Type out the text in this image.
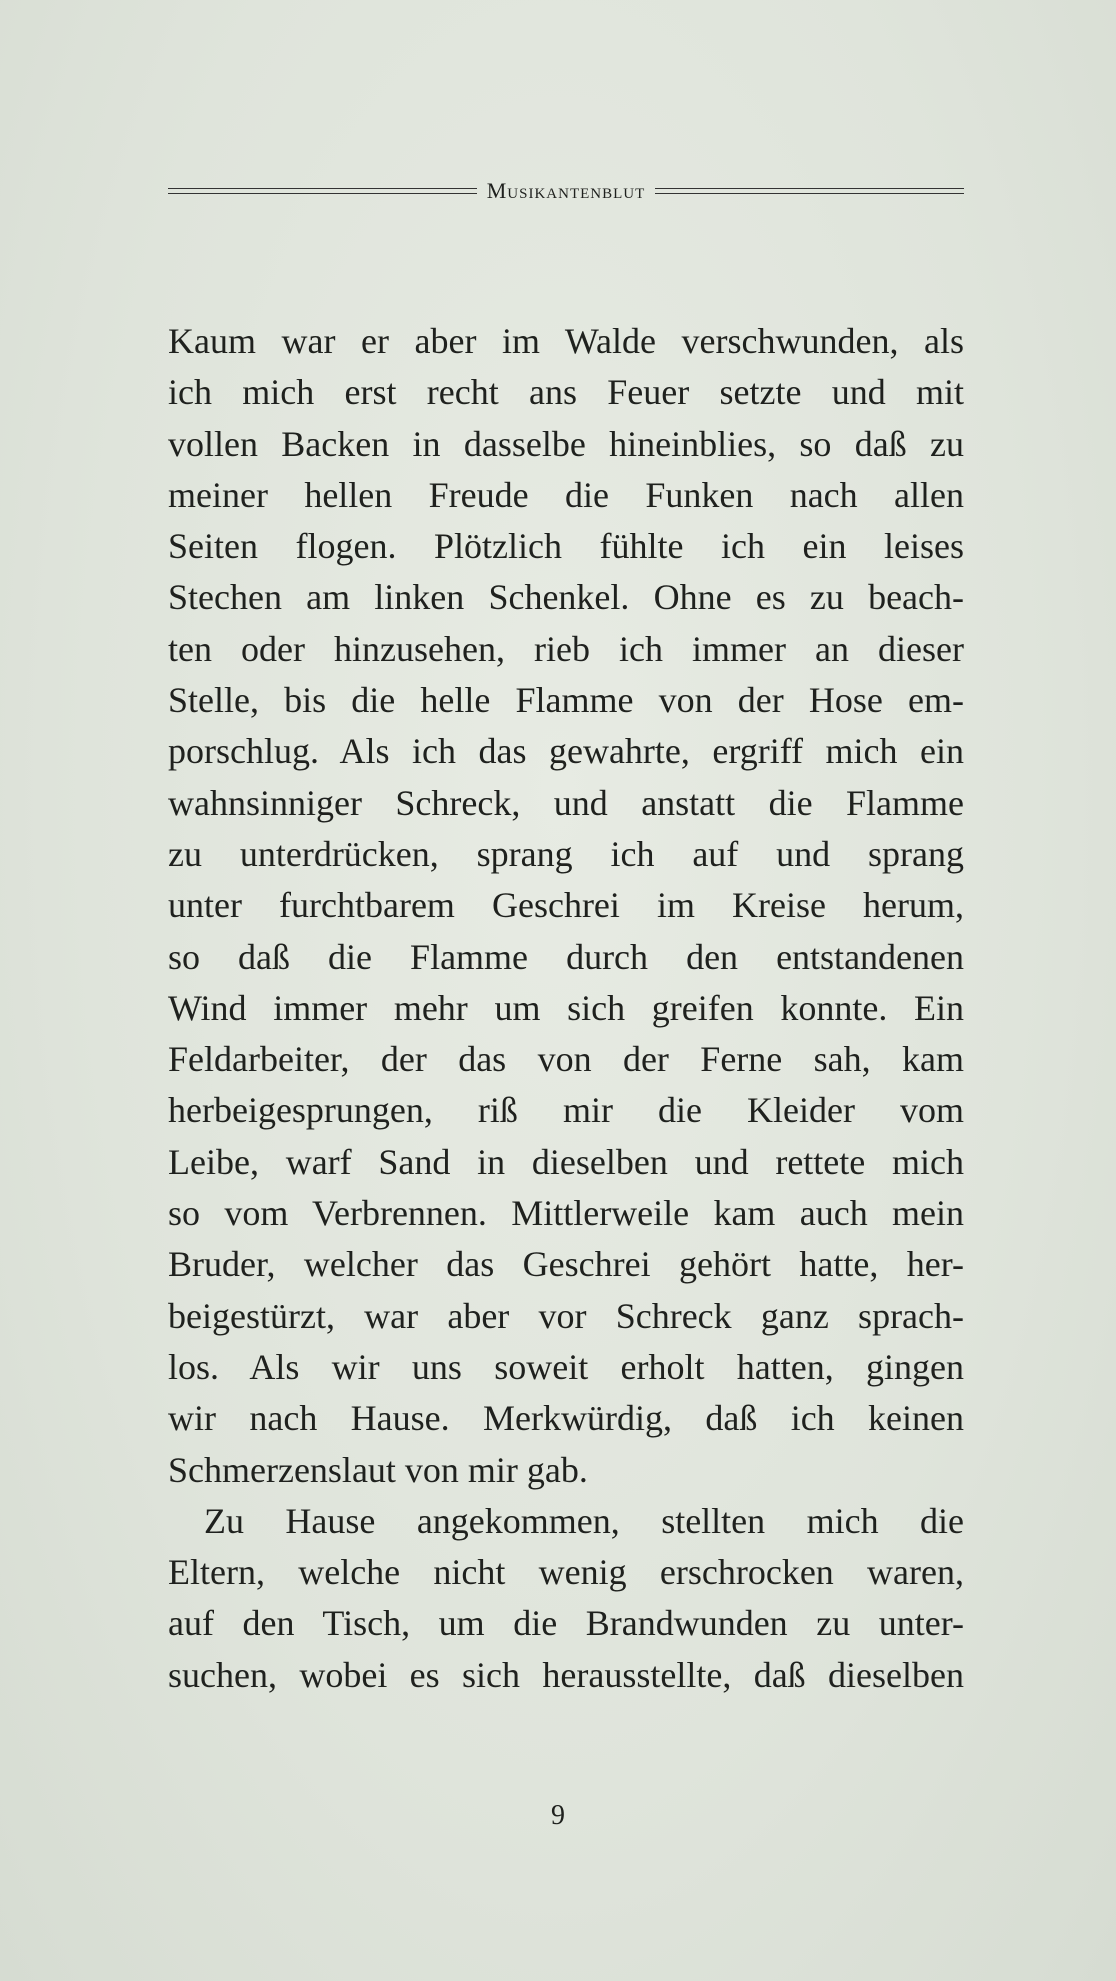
Musikantenblut
Kaum war er aber im Walde verschwunden, als
ich mich erst recht ans Feuer setzte und mit
vollen Backen in dasselbe hineinblies, so daß zu
meiner hellen Freude die Funken nach allen
Seiten flogen. Plötzlich fühlte ich ein leises
Stechen am linken Schenkel. Ohne es zu beach-
ten oder hinzusehen, rieb ich immer an dieser
Stelle, bis die helle Flamme von der Hose em-
porschlug. Als ich das gewahrte, ergriff mich ein
wahnsinniger Schreck, und anstatt die Flamme
zu unterdrücken, sprang ich auf und sprang
unter furchtbarem Geschrei im Kreise herum,
so daß die Flamme durch den entstandenen
Wind immer mehr um sich greifen konnte. Ein
Feldarbeiter, der das von der Ferne sah, kam
herbeigesprungen, riß mir die Kleider vom
Leibe, warf Sand in dieselben und rettete mich
so vom Verbrennen. Mittlerweile kam auch mein
Bruder, welcher das Geschrei gehört hatte, her-
beigestürzt, war aber vor Schreck ganz sprach-
los. Als wir uns soweit erholt hatten, gingen
wir nach Hause. Merkwürdig, daß ich keinen
Schmerzenslaut von mir gab.
Zu Hause angekommen, stellten mich die
Eltern, welche nicht wenig erschrocken waren,
auf den Tisch, um die Brandwunden zu unter-
suchen, wobei es sich herausstellte, daß dieselben
9
